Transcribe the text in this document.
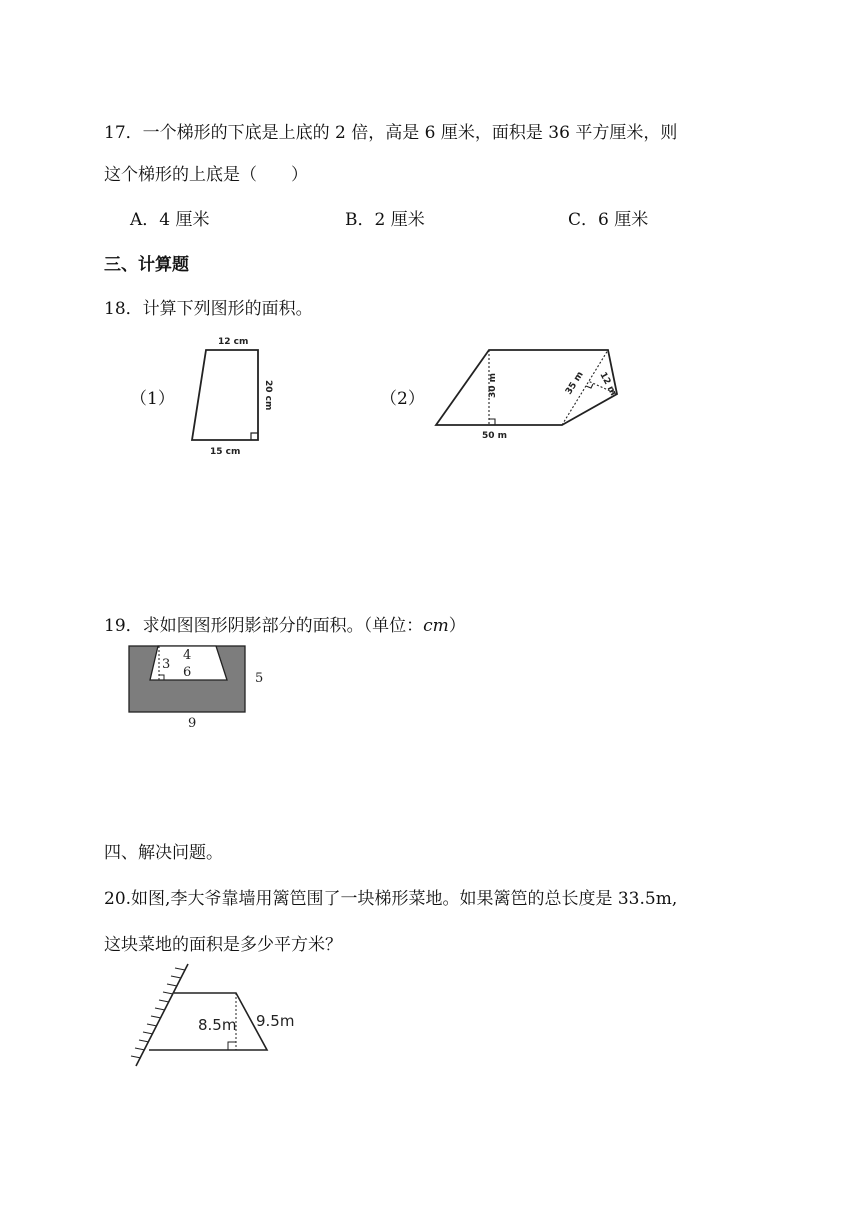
17．一个梯形的下底是上底的 2 倍，高是 6 厘米，面积是 36 平方厘米，则
这个梯形的上底是（　　）
A．4 厘米	B．2 厘米	C．6 厘米
三、计算题
18．计算下列图形的面积。
（1）	（2）
12 cm
20 cm
15 cm
30 m
50 m
35 m 12 m
19．求如图图形阴影部分的面积。（单位：cm）
4
3
6	5
9
四、解决问题。
20.如图,李大爷靠墙用篱笆围了一块梯形菜地。如果篱笆的总长度是 33.5m,
这块菜地的面积是多少平方米？
8.5m 9.5m
